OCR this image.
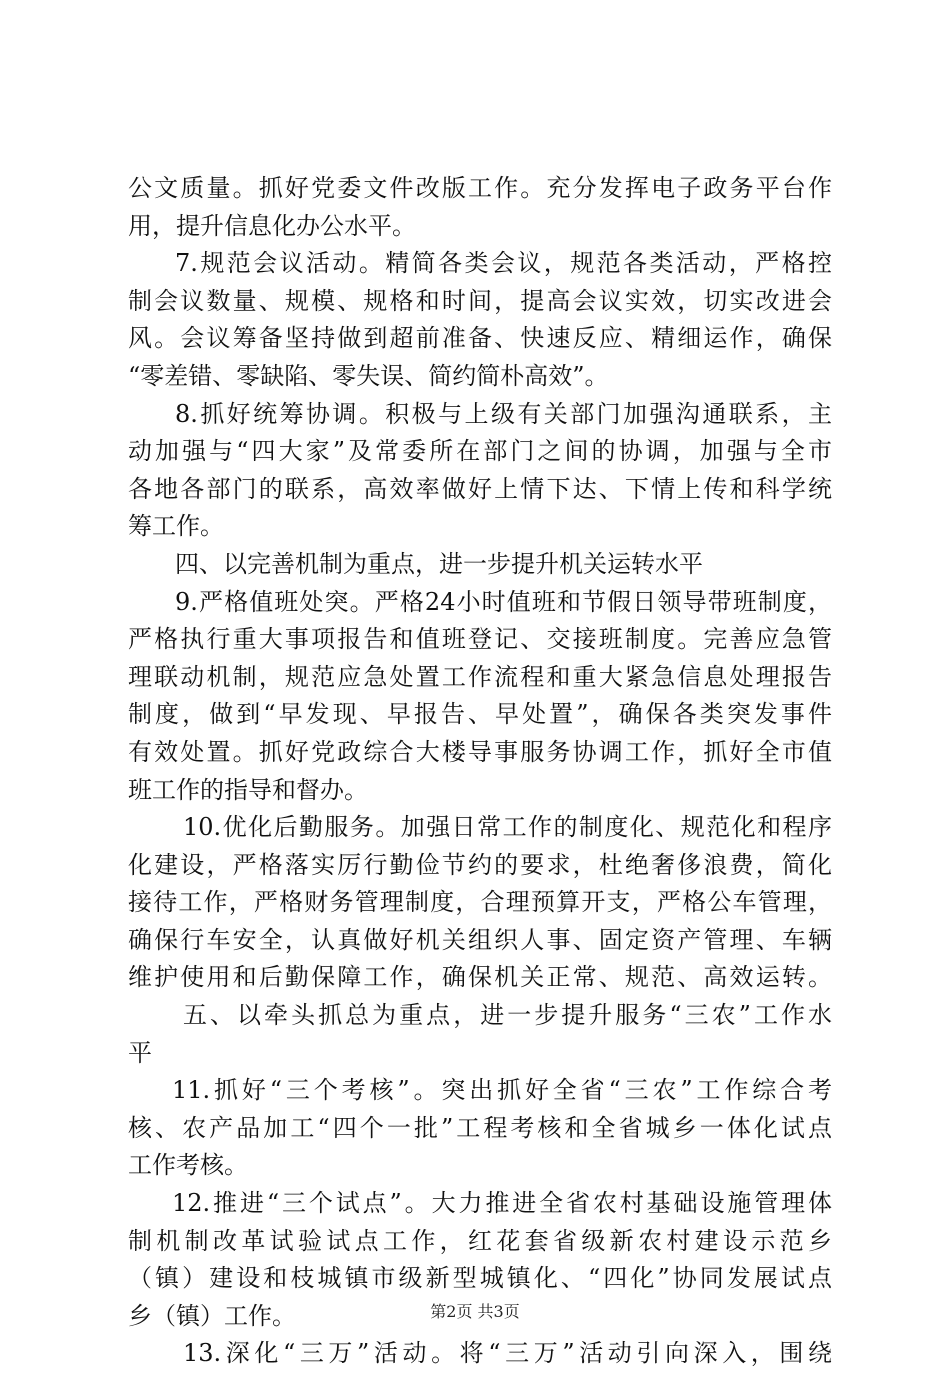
公文质量。抓好党委文件改版工作。充分发挥电子政务平台作
用，提升信息化办公水平。
7.规范会议活动。精简各类会议，规范各类活动，严格控
制会议数量、规模、规格和时间，提高会议实效，切实改进会
风。会议筹备坚持做到超前准备、快速反应、精细运作，确保
“零差错、零缺陷、零失误、简约简朴高效”。
8.抓好统筹协调。积极与上级有关部门加强沟通联系，主
动加强与“四大家”及常委所在部门之间的协调，加强与全市
各地各部门的联系，高效率做好上情下达、下情上传和科学统
筹工作。
四、以完善机制为重点，进一步提升机关运转水平
9.严格值班处突。严格24小时值班和节假日领导带班制度，
严格执行重大事项报告和值班登记、交接班制度。完善应急管
理联动机制，规范应急处置工作流程和重大紧急信息处理报告
制度，做到“早发现、早报告、早处置”，确保各类突发事件
有效处置。抓好党政综合大楼导事服务协调工作，抓好全市值
班工作的指导和督办。
10.优化后勤服务。加强日常工作的制度化、规范化和程序
化建设，严格落实厉行勤俭节约的要求，杜绝奢侈浪费，简化
接待工作，严格财务管理制度，合理预算开支，严格公车管理，
确保行车安全，认真做好机关组织人事、固定资产管理、车辆
维护使用和后勤保障工作，确保机关正常、规范、高效运转。
五、以牵头抓总为重点，进一步提升服务“三农”工作水
平
11.抓好“三个考核”。突出抓好全省“三农”工作综合考
核、农产品加工“四个一批”工程考核和全省城乡一体化试点
工作考核。
12.推进“三个试点”。大力推进全省农村基础设施管理体
制机制改革试验试点工作，红花套省级新农村建设示范乡
（镇）建设和枝城镇市级新型城镇化、“四化”协同发展试点
乡（镇）工作。
13.深化“三万”活动。将“三万”活动引向深入，围绕
第2页 共3页
